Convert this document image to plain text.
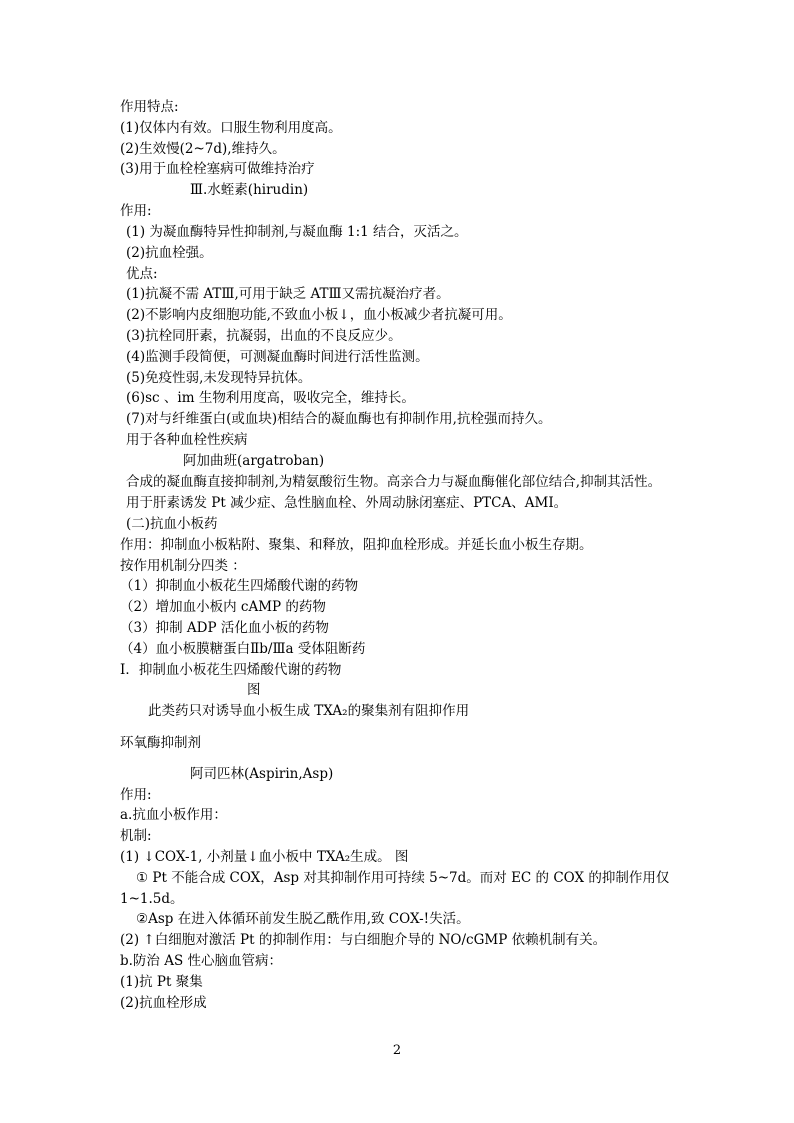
作用特点:
(1)仅体内有效。口服生物利用度高。
(2)生效慢(2~7d),维持久。
(3)用于血栓栓塞病可做维持治疗
Ⅲ.水蛭素(hirudin)
作用:
(1) 为凝血酶特异性抑制剂,与凝血酶 1:1 结合，灭活之。
(2)抗血栓强。
优点:
(1)抗凝不需 ATⅢ,可用于缺乏 ATⅢ又需抗凝治疗者。
(2)不影响内皮细胞功能,不致血小板↓，血小板减少者抗凝可用。
(3)抗栓同肝素，抗凝弱，出血的不良反应少。
(4)监测手段简便，可测凝血酶时间进行活性监测。
(5)免疫性弱,未发现特异抗体。
(6)sc 、im 生物利用度高，吸收完全，维持长。
(7)对与纤维蛋白(或血块)相结合的凝血酶也有抑制作用,抗栓强而持久。
用于各种血栓性疾病
阿加曲班(argatroban)
合成的凝血酶直接抑制剂,为精氨酸衍生物。高亲合力与凝血酶催化部位结合,抑制其活性。
用于肝素诱发 Pt 减少症、急性脑血栓、外周动脉闭塞症、PTCA、AMI。
(二)抗血小板药
作用：抑制血小板粘附、聚集、和释放，阻抑血栓形成。并延长血小板生存期。
按作用机制分四类 ：
（1）抑制血小板花生四烯酸代谢的药物
（2）增加血小板内 cAMP 的药物
（3）抑制 ADP 活化血小板的药物
（4）血小板膜糖蛋白Ⅱb/Ⅲa 受体阻断药
Ⅰ．抑制血小板花生四烯酸代谢的药物
图
此类药只对诱导血小板生成 TXA₂的聚集剂有阻抑作用
环氧酶抑制剂
阿司匹林(Aspirin,Asp)
作用:
a.抗血小板作用：
机制:
(1) ↓COX-1, 小剂量↓血小板中 TXA₂生成。 图
① Pt 不能合成 COX，Asp 对其抑制作用可持续 5~7d。而对 EC 的 COX 的抑制作用仅
1~1.5d。
②Asp 在进入体循环前发生脱乙酰作用,致 COX-!失活。
(2) ↑白细胞对激活 Pt 的抑制作用：与白细胞介导的 NO/cGMP 依赖机制有关。
b.防治 AS 性心脑血管病：
(1)抗 Pt 聚集
(2)抗血栓形成
2
